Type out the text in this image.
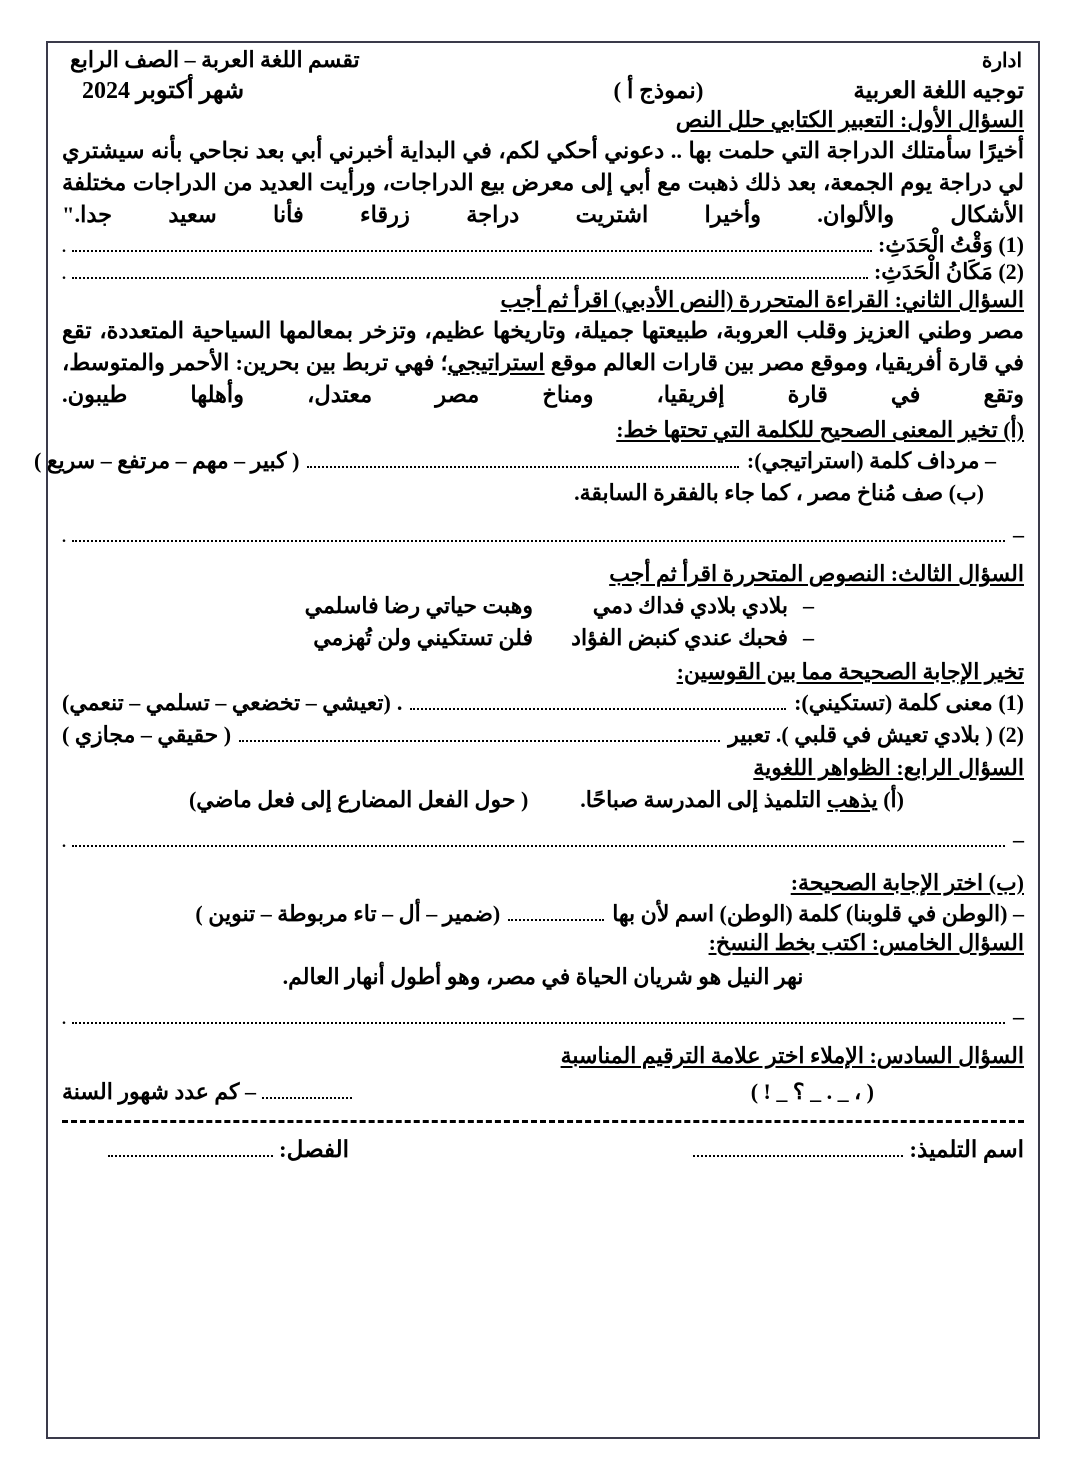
ادارة
تقسم اللغة العربة – الصف الرابع
توجيه اللغة العربية
(نموذج أ )
شهر أكتوبر 2024
السؤال الأول: التعبير الكتابي حلل النص
أخيرًا سأمتلك الدراجة التي حلمت بها .. دعوني أحكي لكم، في البداية أخبرني أبي بعد نجاحي بأنه سيشتري لي دراجة يوم الجمعة، بعد ذلك ذهبت مع أبي إلى معرض بيع الدراجات، ورأيت العديد من الدراجات مختلفة الأشكال والألوان. وأخيرا اشتريت دراجة زرقاء فأنا سعيد جدا."
(1) وَقْتُ الْحَدَثِ:
.
(2) مَكَانُ الْحَدَثِ:
.
السؤال الثاني: القراءة المتحررة (النص الأدبي) اقرأ ثم أجب
مصر وطني العزيز وقلب العروبة، طبيعتها جميلة، وتاريخها عظيم، وتزخر بمعالمها السياحية المتعددة، تقع في قارة أفريقيا، وموقع مصر بين قارات العالم موقع استراتيجي؛ فهي تربط بين بحرين: الأحمر والمتوسط، وتقع في قارة إفريقيا، ومناخ مصر معتدل، وأهلها طيبون.
(أ) تخير المعنى الصحيح للكلمة التي تحتها خط:
– مرداف كلمة (استراتيجي):
( كبير – مهم – مرتفع – سريع )
(ب) صف مُناخ مصر ، كما جاء بالفقرة السابقة.
–
.
السؤال الثالث: النصوص المتحررة اقرأ ثم أجب
–
بلادي بلادي فداك دمي
وهبت حياتي رضا فاسلمي
–
فحبك عندي كنبض الفؤاد
فلن تستكيني ولن تُهزمي
تخير الإجابة الصحيحة مما بين القوسين:
(1) معنى كلمة (تستكيني):
.
(تعيشي – تخضعي – تسلمي – تنعمي)
(2) ( بلادي تعيش في قلبي ). تعبير
( حقيقي – مجازي )
السؤال الرابع: الظواهر اللغوية
(أ) يذهب التلميذ إلى المدرسة صباحًا.
( حول الفعل المضارع إلى فعل ماضي)
–
.
(ب) اختر الإجابة الصحيحة:
– (الوطن في قلوبنا) كلمة (الوطن) اسم لأن بها
(ضمير – أل – تاء مربوطة – تنوين )
السؤال الخامس: اكتب بخط النسخ:
نهر النيل هو شريان الحياة في مصر، وهو أطول أنهار العالم.
–
.
السؤال السادس: الإملاء اختر علامة الترقيم المناسبة
( ، _ . _ ؟ _ ! )
– كم عدد شهور السنة
اسم التلميذ:
الفصل:
